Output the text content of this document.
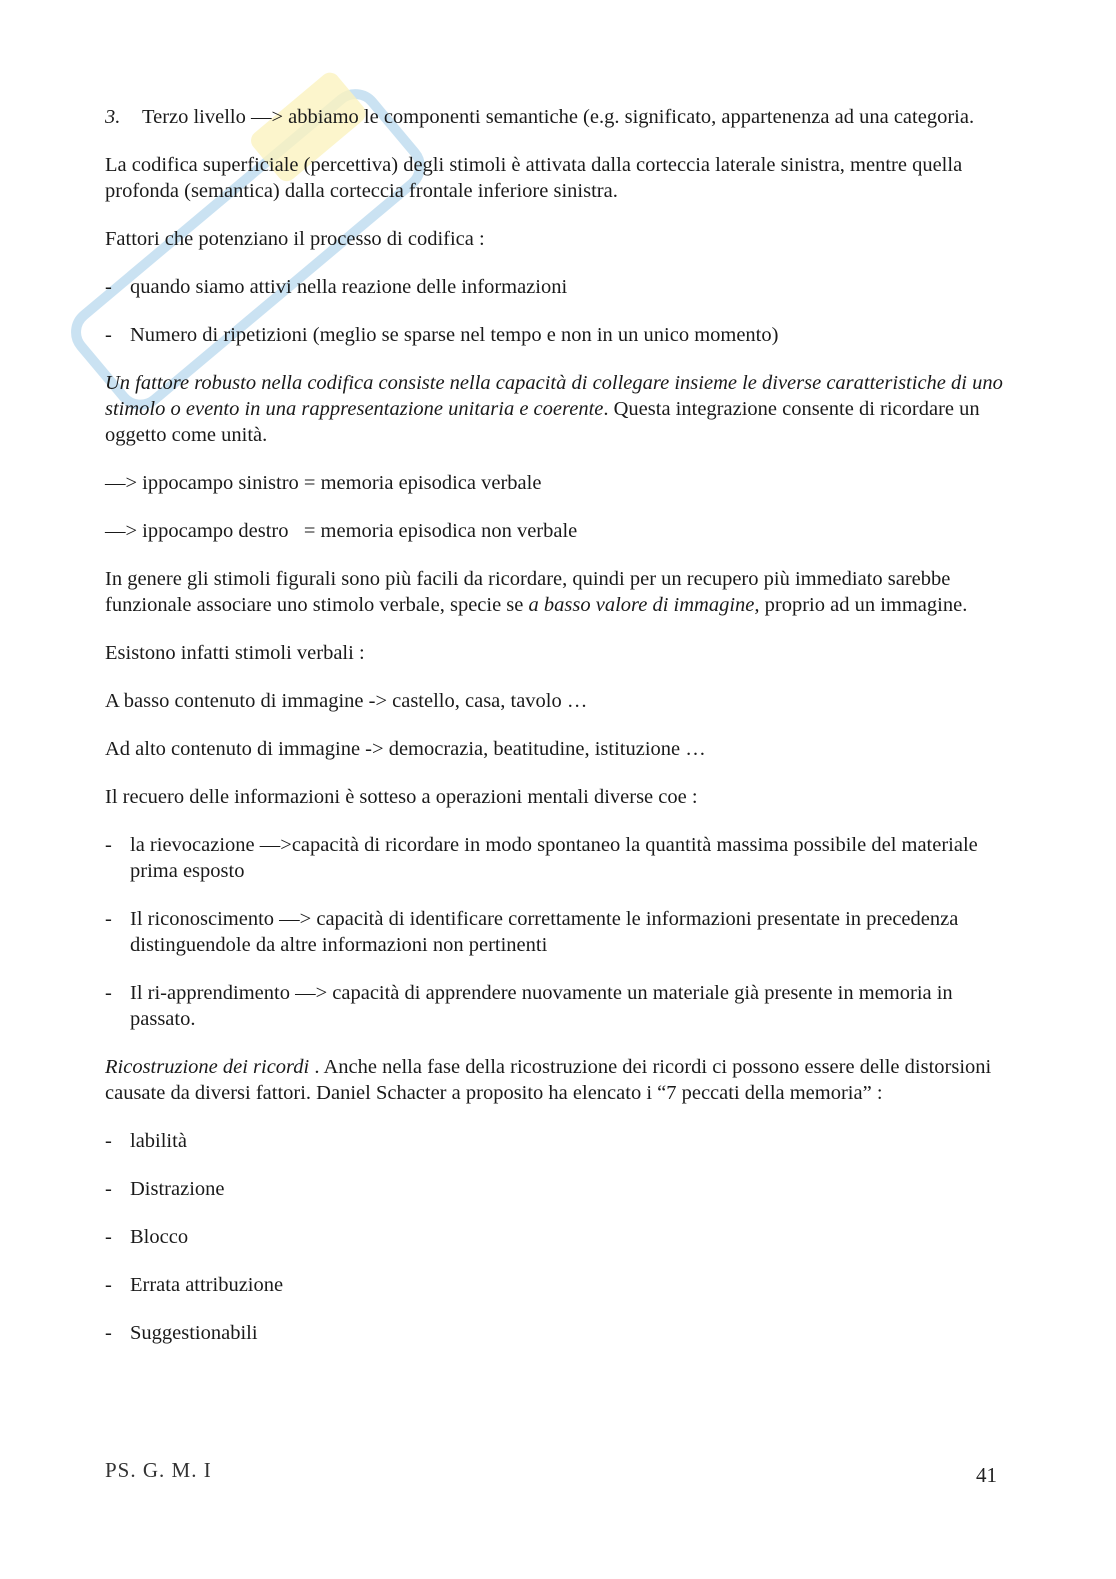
3. Terzo livello —> abbiamo le componenti semantiche (e.g. significato, appartenenza ad una categoria.

La codifica superficiale (percettiva) degli stimoli è attivata dalla corteccia laterale sinistra, mentre quella profonda (semantica) dalla corteccia frontale inferiore sinistra.

Fattori che potenziano il processo di codifica :

- quando siamo attivi nella reazione delle informazioni

- Numero di ripetizioni (meglio se sparse nel tempo e non in un unico momento)

Un fattore robusto nella codifica consiste nella capacità di collegare insieme le diverse caratteristiche di uno stimolo o evento in una rappresentazione unitaria e coerente. Questa integrazione consente di ricordare un oggetto come unità.

—> ippocampo sinistro = memoria episodica verbale

—> ippocampo destro   = memoria episodica non verbale

In genere gli stimoli figurali sono più facili da ricordare, quindi per un recupero più immediato sarebbe funzionale associare uno stimolo verbale, specie se a basso valore di immagine, proprio ad un immagine.

Esistono infatti stimoli verbali :

A basso contenuto di immagine -> castello, casa, tavolo …

Ad alto contenuto di immagine -> democrazia, beatitudine, istituzione …

Il recuero delle informazioni è sotteso a operazioni mentali diverse coe :

- la rievocazione —>capacità di ricordare in modo spontaneo la quantità massima possibile del materiale prima esposto

- Il riconoscimento —> capacità di identificare correttamente le informazioni presentate in precedenza distinguendole da altre informazioni non pertinenti

- Il ri-apprendimento —> capacità di apprendere nuovamente un materiale già presente in memoria in passato.

Ricostruzione dei ricordi . Anche nella fase della ricostruzione dei ricordi ci possono essere delle distorsioni causate da diversi fattori. Daniel Schacter a proposito ha elencato i “7 peccati della memoria” :

- labilità

- Distrazione

- Blocco

- Errata attribuzione

- Suggestionabili

PS. G. M. I	41
